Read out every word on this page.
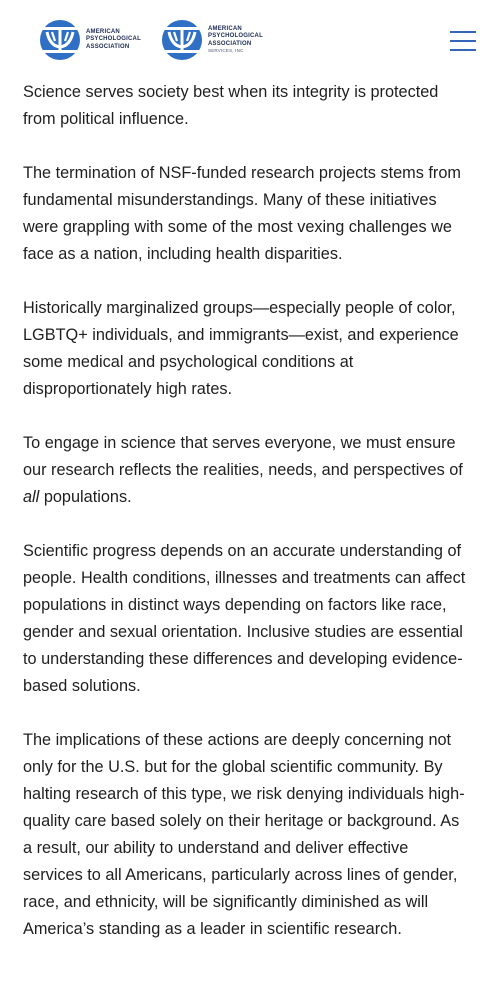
AMERICAN
PSYCHOLOGICAL
ASSOCIATION
AMERICAN
PSYCHOLOGICAL
ASSOCIATION
SERVICES, INC

Science serves society best when its integrity is protected from political influence.

The termination of NSF-funded research projects stems from fundamental misunderstandings. Many of these initiatives were grappling with some of the most vexing challenges we face as a nation, including health disparities.

Historically marginalized groups—especially people of color, LGBTQ+ individuals, and immigrants—exist, and experience some medical and psychological conditions at disproportionately high rates.

To engage in science that serves everyone, we must ensure our research reflects the realities, needs, and perspectives of all populations.

Scientific progress depends on an accurate understanding of people. Health conditions, illnesses and treatments can affect populations in distinct ways depending on factors like race, gender and sexual orientation. Inclusive studies are essential to understanding these differences and developing evidence-based solutions.

The implications of these actions are deeply concerning not only for the U.S. but for the global scientific community. By halting research of this type, we risk denying individuals high-quality care based solely on their heritage or background. As a result, our ability to understand and deliver effective services to all Americans, particularly across lines of gender, race, and ethnicity, will be significantly diminished as will America’s standing as a leader in scientific research.
